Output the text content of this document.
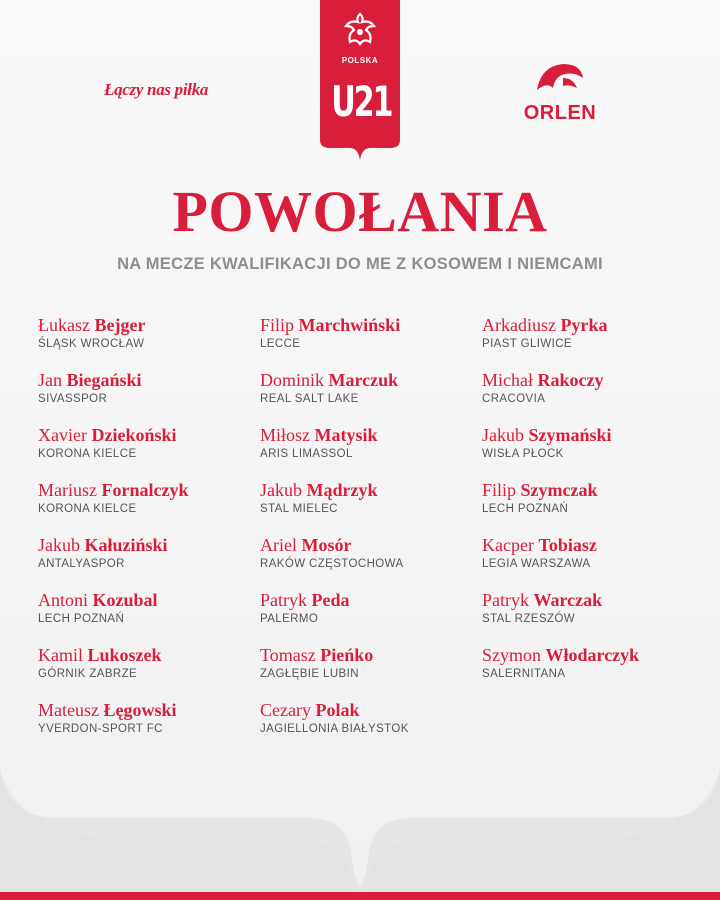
Łączy nas piłka
POLSKA
U21	ORLEN
POWOŁANIA
NA MECZE KWALIFIKACJI DO ME Z KOSOWEM I NIEMCAMI
Łukasz Bejger
ŚLĄSK WROCŁAW
Jan Biegański
SIVASSPOR
Xavier Dziekoński
KORONA KIELCE
Mariusz Fornalczyk
KORONA KIELCE
Jakub Kałuziński
ANTALYASPOR
Antoni Kozubal
LECH POZNAŃ
Kamil Lukoszek
GÓRNIK ZABRZE
Mateusz Łęgowski
YVERDON-SPORT FC
Filip Marchwiński
LECCE
Dominik Marczuk
REAL SALT LAKE
Miłosz Matysik
ARIS LIMASSOL
Jakub Mądrzyk
STAL MIELEC
Ariel Mosór
RAKÓW CZĘSTOCHOWA
Patryk Peda
PALERMO
Tomasz Pieńko
ZAGŁĘBIE LUBIN
Cezary Polak
JAGIELLONIA BIAŁYSTOK
Arkadiusz Pyrka
PIAST GLIWICE
Michał Rakoczy
CRACOVIA
Jakub Szymański
WISŁA PŁOCK
Filip Szymczak
LECH POZNAŃ
Kacper Tobiasz
LEGIA WARSZAWA
Patryk Warczak
STAL RZESZÓW
Szymon Włodarczyk
SALERNITANA
